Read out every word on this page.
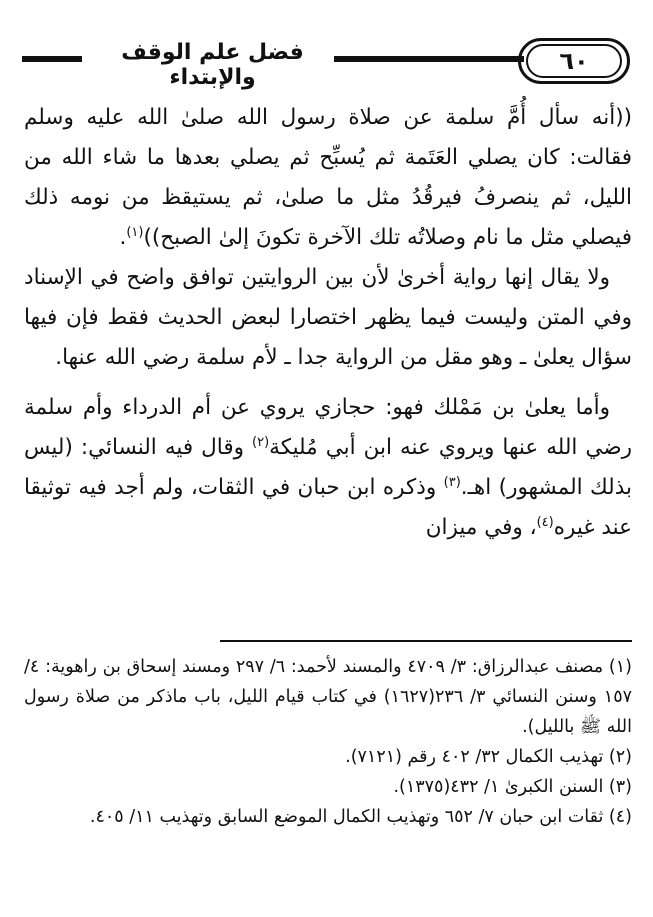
فضل علم الوقف والإبتداء
٦٠

((أنه سأل أُمَّ سلمة عن صلاة رسول الله صلىٰ الله عليه وسلم فقالت: كان يصلي العَتَمة ثم يُسبِّح ثم يصلي بعدها ما شاء الله من الليل، ثم ينصرفُ فيرقُدُ مثل ما صلىٰ، ثم يستيقظ من نومه ذلك فيصلي مثل ما نام وصلاتُه تلك الآخرة تكونَ إلىٰ الصبح))$^{(١)}$.

ولا يقال إنها رواية أخرىٰ لأن بين الروايتين توافق واضح في الإسناد وفي المتن وليست فيما يظهر اختصارا لبعض الحديث فقط فإن فيها سؤال يعلىٰ ـ وهو مقل من الرواية جدا ـ لأم سلمة رضي الله عنها.

وأما يعلىٰ بن مَمْلك فهو: حجازي يروي عن أم الدرداء وأم سلمة رضي الله عنها ويروي عنه ابن أبي مُليكة$^{(٢)}$ وقال فيه النسائي: (ليس بذلك المشهور) اهـ.$^{(٣)}$ وذكره ابن حبان في الثقات، ولم أجد فيه توثيقا عند غيره$^{(٤)}$، وفي ميزان

(١) مصنف عبدالرزاق: ٣/ ٤٧٠٩ والمسند لأحمد: ٦/ ٢٩٧ ومسند إسحاق بن راهوية: ٤/ ١٥٧ وسنن النسائي ٣/ ٢٣٦(١٦٢٧) في كتاب قيام الليل، باب ماذكر من صلاة رسول الله ﷺ بالليل).

(٢) تهذيب الكمال ٣٢/ ٤٠٢ رقم (٧١٢١).

(٣) السنن الكبرىٰ ١/ ٤٣٢(١٣٧٥).

(٤) ثقات ابن حبان ٧/ ٦٥٢ وتهذيب الكمال الموضع السابق وتهذيب ١١/ ٤٠٥.
